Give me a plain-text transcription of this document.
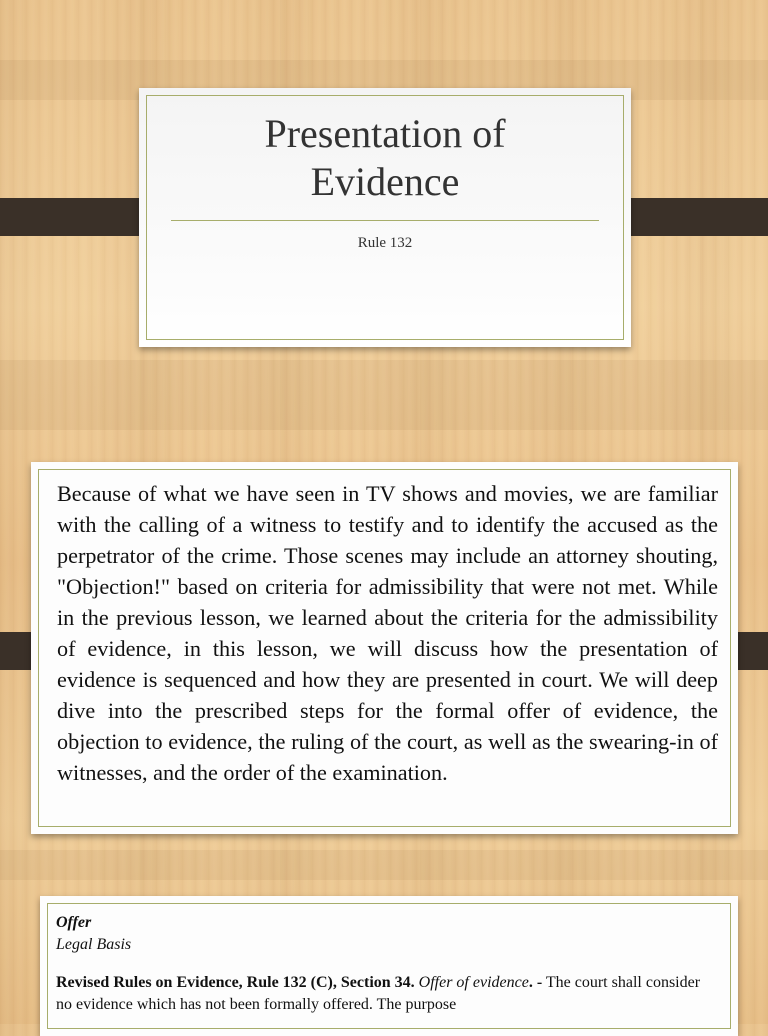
Presentation of
Evidence
Rule 132
Because of what we have seen in TV shows and movies, we are familiar with the calling of a witness to testify and to identify the accused as the perpetrator of the crime. Those scenes may include an attorney shouting, "Objection!" based on criteria for admissibility that were not met. While in the previous lesson, we learned about the criteria for the admissibility of evidence, in this lesson, we will discuss how the presentation of evidence is sequenced and how they are presented in court. We will deep dive into the prescribed steps for the formal offer of evidence, the objection to evidence, the ruling of the court, as well as the swearing-in of witnesses, and the order of the examination.

Offer

Legal Basis

Revised Rules on Evidence, Rule 132 (C), Section 34. Offer of evidence. - The court shall consider no evidence which has not been formally offered. The purpose
